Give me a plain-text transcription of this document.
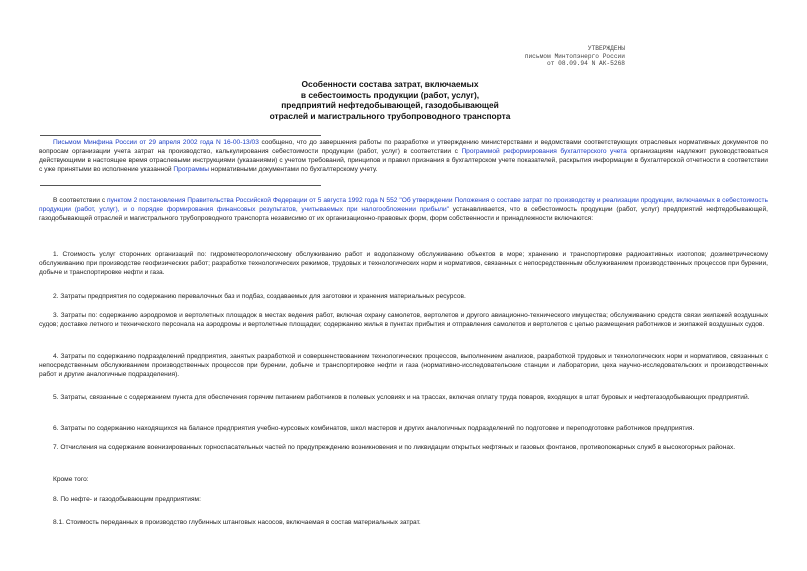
УТВЕРЖДЕНЫ
письмом Минтопэнерго России
от 08.09.94 N АК-5268
Особенности состава затрат, включаемых
в себестоимость продукции (работ, услуг),
предприятий нефтедобывающей, газодобывающей
отраслей и магистрального трубопроводного транспорта
Письмом Минфина России от 29 апреля 2002 года N 16-00-13/03 сообщено, что до завершения работы по разработке и утверждению министерствами и ведомствами соответствующих отраслевых нормативных документов по вопросам организации учета затрат на производство, калькулирования себестоимости продукции (работ, услуг) в соответствии с Программой реформирования бухгалтерского учета организациям надлежит руководствоваться действующими в настоящее время отраслевыми инструкциями (указаниями) с учетом требований, принципов и правил признания в бухгалтерском учете показателей, раскрытия информации в бухгалтерской отчетности в соответствии с уже принятыми во исполнение указанной Программы нормативными документами по бухгалтерскому учету.
В соответствии с пунктом 2 постановления Правительства Российской Федерации от 5 августа 1992 года N 552 "Об утверждении Положения о составе затрат по производству и реализации продукции, включаемых в себестоимость продукции (работ, услуг), и о порядке формирования финансовых результатов, учитываемых при налогообложении прибыли" устанавливается, что в себестоимость продукции (работ, услуг) предприятий нефтедобывающей, газодобывающей отраслей и магистрального трубопроводного транспорта независимо от их организационно-правовых форм, форм собственности и принадлежности включаются:
1. Стоимость услуг сторонних организаций по: гидрометеорологическому обслуживанию работ и водолазному обслуживанию объектов в море; хранению и транспортировке радиоактивных изотопов; дозиметрическому обслуживанию при производстве геофизических работ; разработке технологических режимов, трудовых и технологических норм и нормативов, связанных с непосредственным обслуживанием производственных процессов при бурении, добыче и транспортировке нефти и газа.
2. Затраты предприятия по содержанию перевалочных баз и подбаз, создаваемых для заготовки и хранения материальных ресурсов.
3. Затраты по: содержанию аэродромов и вертолетных площадок в местах ведения работ, включая охрану самолетов, вертолетов и другого авиационно-технического имущества; обслуживанию средств связи экипажей воздушных судов; доставке летного и технического персонала на аэродромы и вертолетные площадки; содержанию жилья в пунктах прибытия и отправления самолетов и вертолетов с целью размещения работников и экипажей воздушных судов.
4. Затраты по содержанию подразделений предприятия, занятых разработкой и совершенствованием технологических процессов, выполнением анализов, разработкой трудовых и технологических норм и нормативов, связанных с непосредственным обслуживанием производственных процессов при бурении, добыче и транспортировке нефти и газа (нормативно-исследовательские станции и лаборатории, цеха научно-исследовательских и производственных работ и другие аналогичные подразделения).
5. Затраты, связанные с содержанием пункта для обеспечения горячим питанием работников в полевых условиях и на трассах, включая оплату труда поваров, входящих в штат буровых и нефтегазодобывающих предприятий.
6. Затраты по содержанию находящихся на балансе предприятия учебно-курсовых комбинатов, школ мастеров и других аналогичных подразделений по подготовке и переподготовке работников предприятия.
7. Отчисления на содержание военизированных горноспасательных частей по предупреждению возникновения и по ликвидации открытых нефтяных и газовых фонтанов, противопожарных служб в высокогорных районах.
Кроме того:
8. По нефте- и газодобывающим предприятиям:
8.1. Стоимость переданных в производство глубинных штанговых насосов, включаемая в состав материальных затрат.
